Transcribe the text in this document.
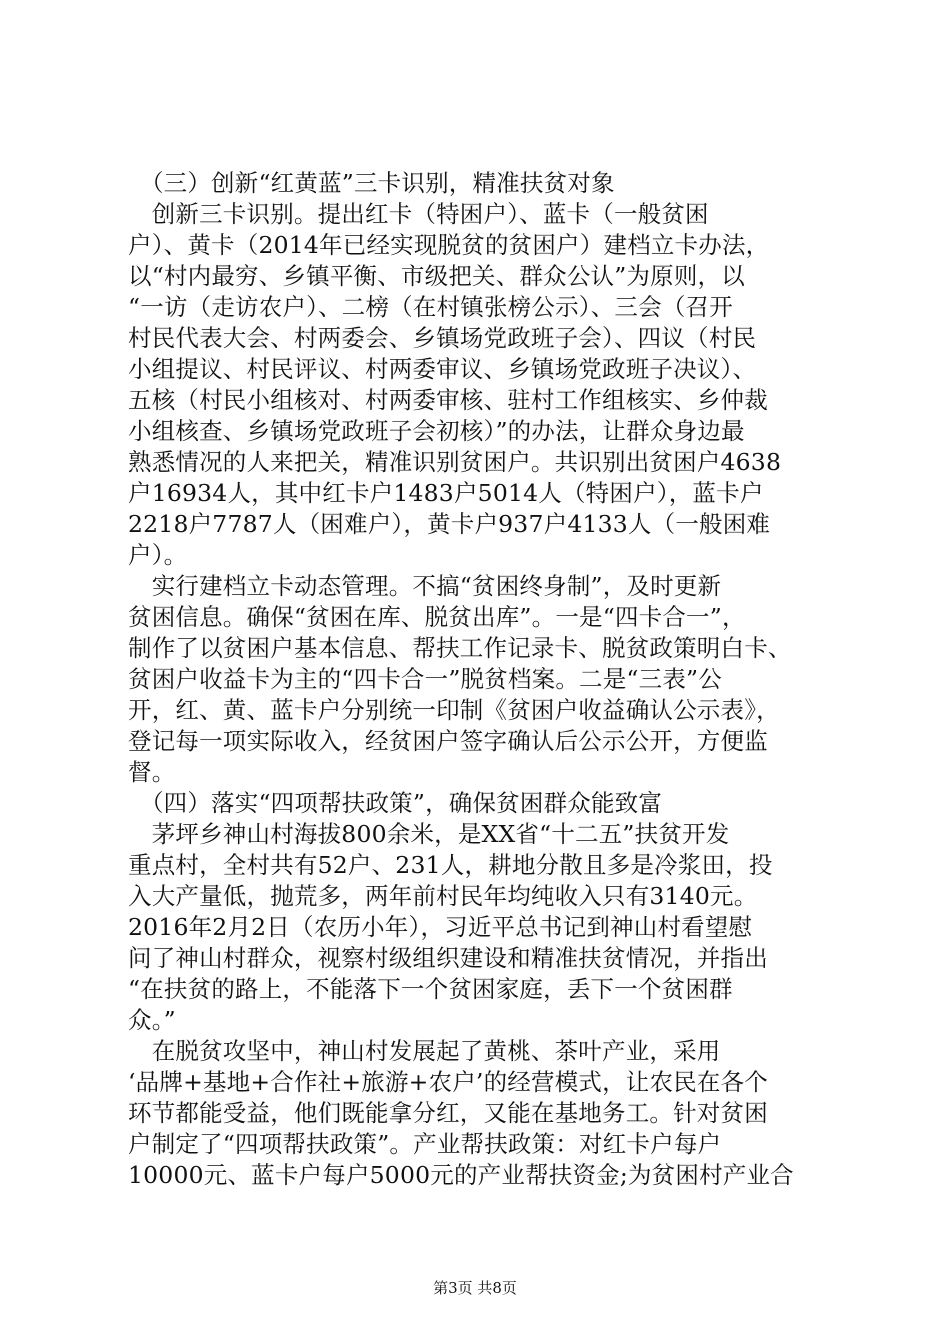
　（三）创新“红黄蓝”三卡识别，精准扶贫对象
　创新三卡识别。提出红卡（特困户）、蓝卡（一般贫困
户）、黄卡（2014年已经实现脱贫的贫困户）建档立卡办法，
以“村内最穷、乡镇平衡、市级把关、群众公认”为原则，以
“一访（走访农户）、二榜（在村镇张榜公示）、三会（召开
村民代表大会、村两委会、乡镇场党政班子会）、四议（村民
小组提议、村民评议、村两委审议、乡镇场党政班子决议）、
五核（村民小组核对、村两委审核、驻村工作组核实、乡仲裁
小组核查、乡镇场党政班子会初核）”的办法，让群众身边最
熟悉情况的人来把关，精准识别贫困户。共识别出贫困户4638
户16934人，其中红卡户1483户5014人（特困户），蓝卡户
2218户7787人（困难户），黄卡户937户4133人（一般困难
户）。
　实行建档立卡动态管理。不搞“贫困终身制”，及时更新
贫困信息。确保“贫困在库、脱贫出库”。一是“四卡合一”，
制作了以贫困户基本信息、帮扶工作记录卡、脱贫政策明白卡、
贫困户收益卡为主的“四卡合一”脱贫档案。二是“三表”公
开，红、黄、蓝卡户分别统一印制《贫困户收益确认公示表》，
登记每一项实际收入，经贫困户签字确认后公示公开，方便监
督。
　（四）落实“四项帮扶政策”，确保贫困群众能致富
　茅坪乡神山村海拔800余米，是XX省“十二五”扶贫开发
重点村，全村共有52户、231人，耕地分散且多是冷浆田，投
入大产量低，抛荒多，两年前村民年均纯收入只有3140元。
2016年2月2日（农历小年），习近平总书记到神山村看望慰
问了神山村群众，视察村级组织建设和精准扶贫情况，并指出
“在扶贫的路上，不能落下一个贫困家庭，丢下一个贫困群
众。”
　在脱贫攻坚中，神山村发展起了黄桃、茶叶产业，采用
‘品牌+基地+合作社+旅游+农户’的经营模式，让农民在各个
环节都能受益，他们既能拿分红，又能在基地务工。针对贫困
户制定了“四项帮扶政策”。产业帮扶政策：对红卡户每户
10000元、蓝卡户每户5000元的产业帮扶资金;为贫困村产业合
第3页 共8页
